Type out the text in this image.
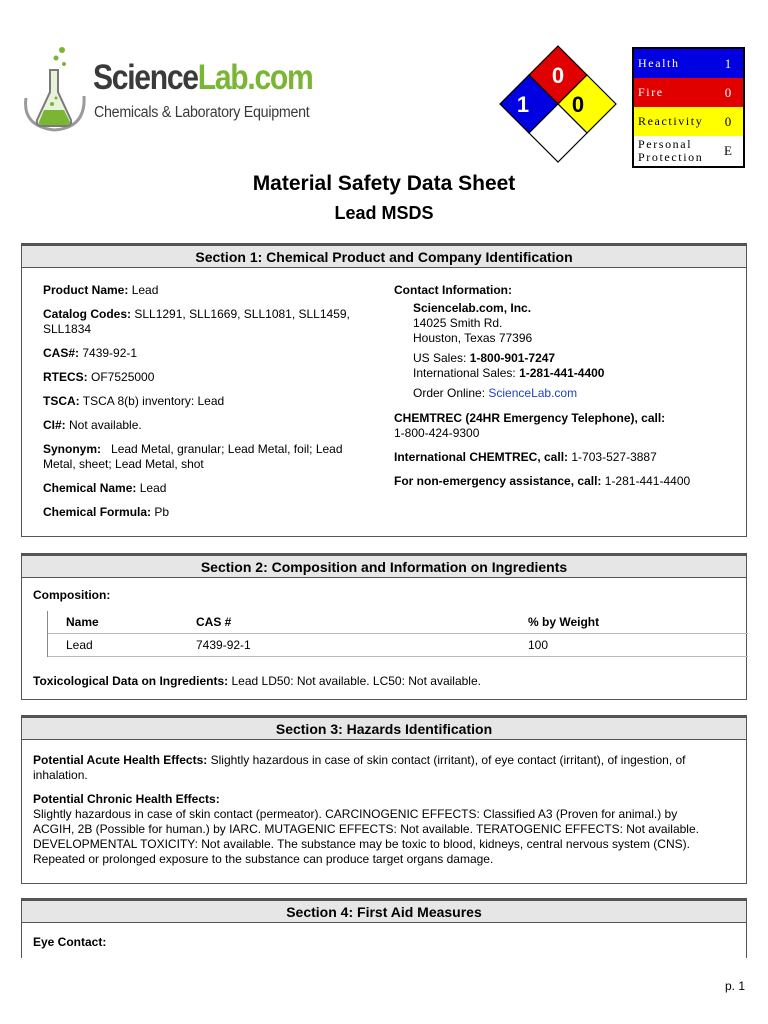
ScienceLab.com
Chemicals & Laboratory Equipment
0
1	0
Health	1
Fire	0
Reactivity	0
Personal
Protection	E
Material Safety Data Sheet
Lead MSDS
Section 1: Chemical Product and Company Identification
Product Name: Lead
Catalog Codes: SLL1291, SLL1669, SLL1081, SLL1459,
SLL1834
CAS#: 7439-92-1
RTECS: OF7525000
TSCA: TSCA 8(b) inventory: Lead
CI#: Not available.
Synonym: Lead Metal, granular; Lead Metal, foil; Lead
Metal, sheet; Lead Metal, shot
Chemical Name: Lead
Chemical Formula: Pb
Contact Information:
Sciencelab.com, Inc.
14025 Smith Rd.
Houston, Texas 77396
US Sales: 1-800-901-7247
International Sales: 1-281-441-4400
Order Online: ScienceLab.com
CHEMTREC (24HR Emergency Telephone), call:
1-800-424-9300
International CHEMTREC, call: 1-703-527-3887
For non-emergency assistance, call: 1-281-441-4400
Section 2: Composition and Information on Ingredients
Composition:
Name	CAS #	% by Weight
Lead	7439-92-1	100
Toxicological Data on Ingredients: Lead LD50: Not available. LC50: Not available.
Section 3: Hazards Identification
Potential Acute Health Effects: Slightly hazardous in case of skin contact (irritant), of eye contact (irritant), of ingestion, of
inhalation.
Potential Chronic Health Effects:
Slightly hazardous in case of skin contact (permeator). CARCINOGENIC EFFECTS: Classified A3 (Proven for animal.) by
ACGIH, 2B (Possible for human.) by IARC. MUTAGENIC EFFECTS: Not available. TERATOGENIC EFFECTS: Not available.
DEVELOPMENTAL TOXICITY: Not available. The substance may be toxic to blood, kidneys, central nervous system (CNS).
Repeated or prolonged exposure to the substance can produce target organs damage.
Section 4: First Aid Measures
Eye Contact:
p. 1
